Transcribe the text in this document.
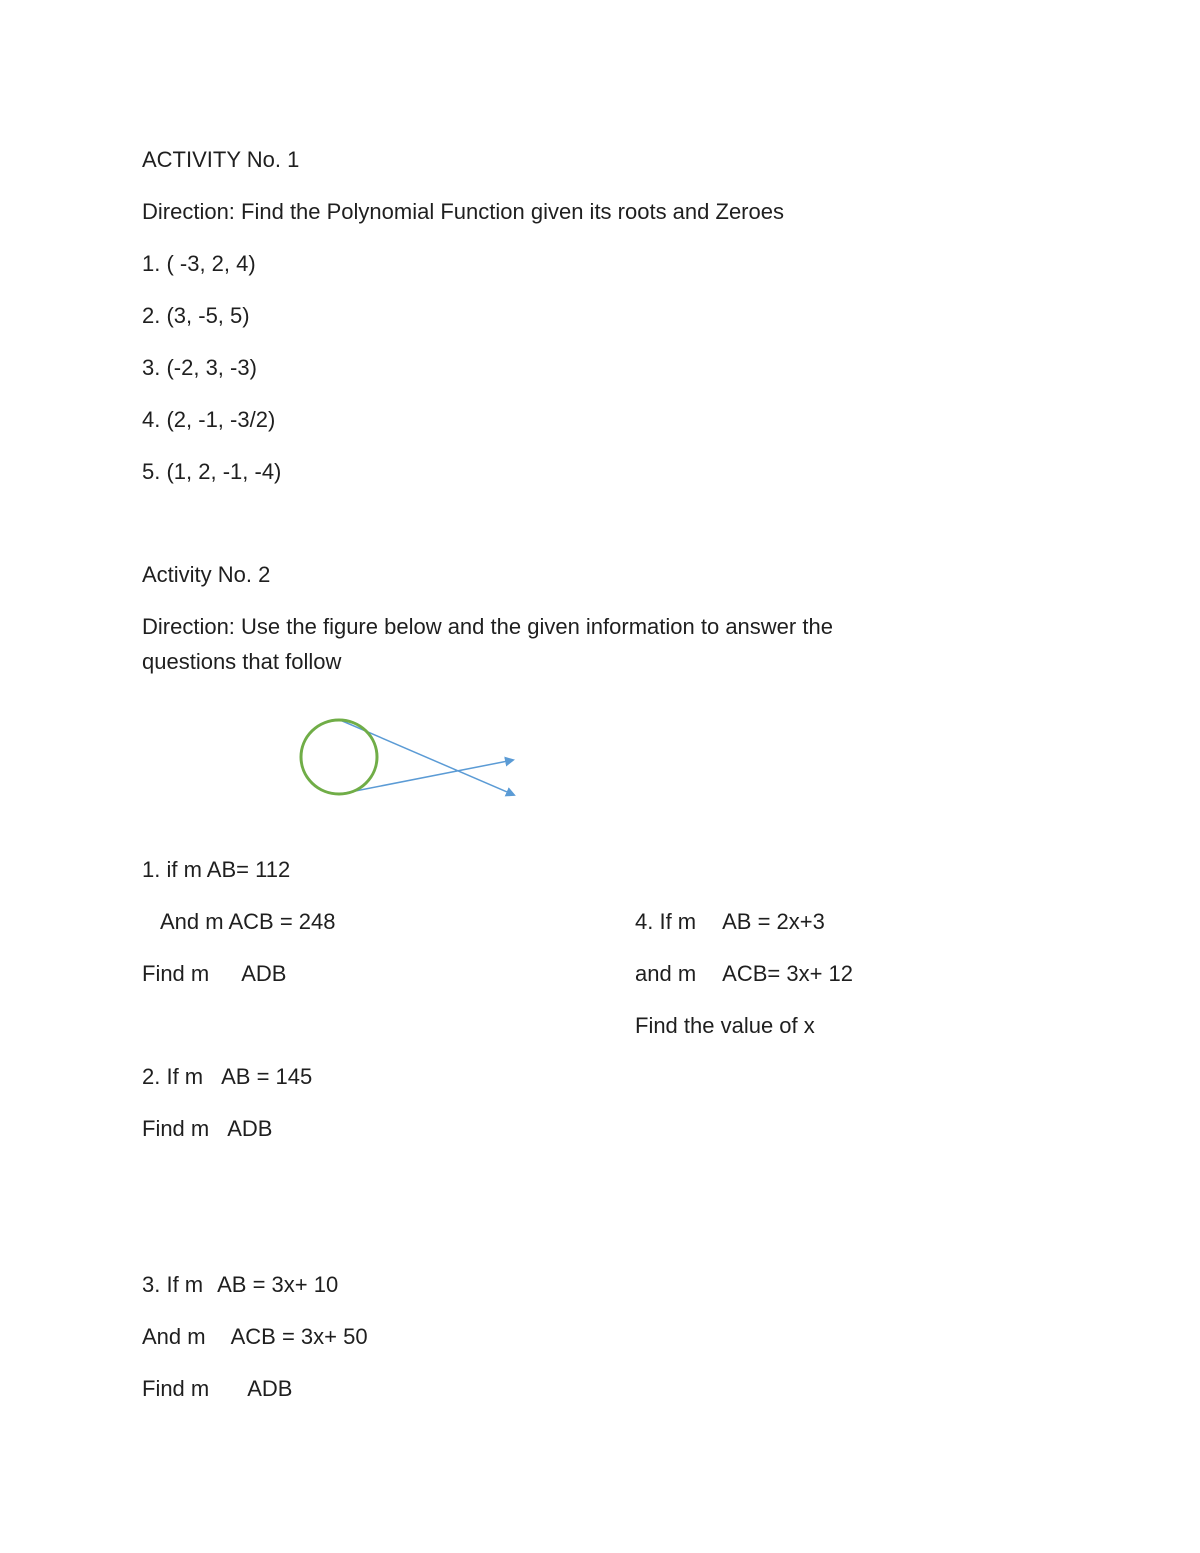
ACTIVITY No. 1

Direction: Find the Polynomial Function given its roots and Zeroes

1. ( -3, 2, 4)

2. (3, -5, 5)

3. (-2, 3, -3)

4. (2, -1, -3/2)

5. (1, 2, -1, -4)

Activity No. 2

Direction: Use the figure below and the given information to answer the

questions that follow

1. if m AB= 112

And m ACB = 248

Find m ADB

2. If m AB = 145

Find m ADB

3. If m AB = 3x+ 10

And m ACB = 3x+ 50

Find m ADB

4. If m AB = 2x+3

and m ACB= 3x+ 12

Find the value of x
